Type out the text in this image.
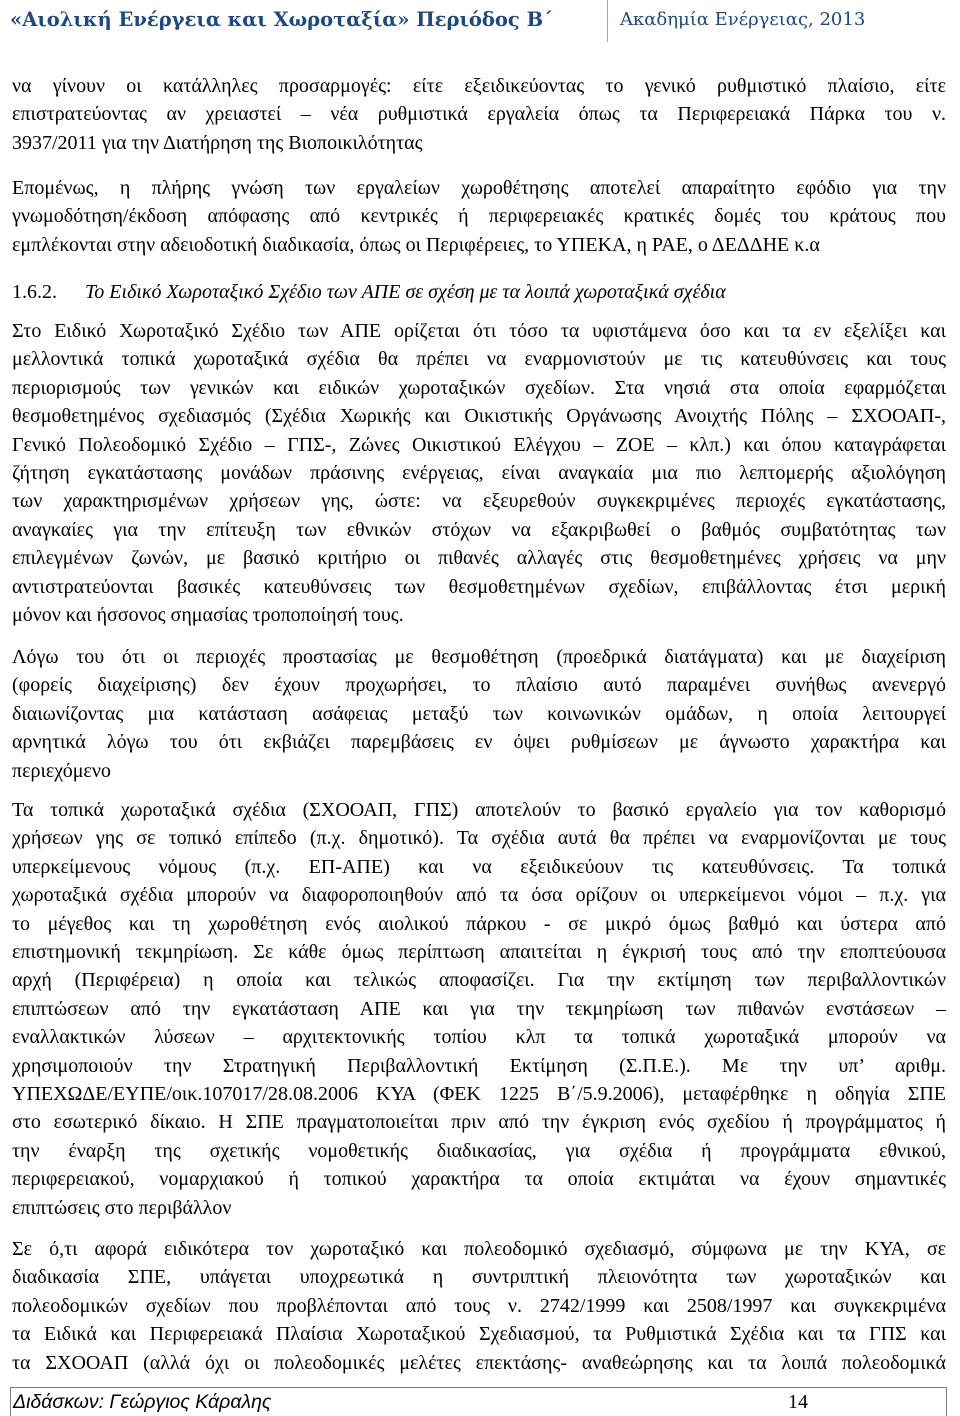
«Αιολική Ενέργεια και Χωροταξία» Περιόδος Β΄	Ακαδημία Ενέργειας, 2013
να γίνουν οι κατάλληλες προσαρμογές: είτε εξειδικεύοντας το γενικό ρυθμιστικό πλαίσιο, είτε
επιστρατεύοντας αν χρειαστεί – νέα ρυθμιστικά εργαλεία όπως τα Περιφερειακά Πάρκα του ν.
3937/2011 για την Διατήρηση της Βιοποικιλότητας
Επομένως, η πλήρης γνώση των εργαλείων χωροθέτησης αποτελεί απαραίτητο εφόδιο για την
γνωμοδότηση/έκδοση απόφασης από κεντρικές ή περιφερειακές κρατικές δομές του κράτους που
εμπλέκονται στην αδειοδοτική διαδικασία, όπως οι Περιφέρειες, το ΥΠΕΚΑ, η ΡΑΕ, ο ΔΕΔΔΗΕ κ.α
1.6.2. Το Ειδικό Χωροταξικό Σχέδιο των ΑΠΕ σε σχέση με τα λοιπά χωροταξικά σχέδια
Στο Ειδικό Χωροταξικό Σχέδιο των ΑΠΕ ορίζεται ότι τόσο τα υφιστάμενα όσο και τα εν εξελίξει και
μελλοντικά τοπικά χωροταξικά σχέδια θα πρέπει να εναρμονιστούν με τις κατευθύνσεις και τους
περιορισμούς των γενικών και ειδικών χωροταξικών σχεδίων. Στα νησιά στα οποία εφαρμόζεται
θεσμοθετημένος σχεδιασμός (Σχέδια Χωρικής και Οικιστικής Οργάνωσης Ανοιχτής Πόλης – ΣΧΟΟΑΠ-,
Γενικό Πολεοδομικό Σχέδιο – ΓΠΣ-, Ζώνες Οικιστικού Ελέγχου – ΖΟΕ – κλπ.) και όπου καταγράφεται
ζήτηση εγκατάστασης μονάδων πράσινης ενέργειας, είναι αναγκαία μια πιο λεπτομερής αξιολόγηση
των χαρακτηρισμένων χρήσεων γης, ώστε: να εξευρεθούν συγκεκριμένες περιοχές εγκατάστασης,
αναγκαίες για την επίτευξη των εθνικών στόχων να εξακριβωθεί ο βαθμός συμβατότητας των
επιλεγμένων ζωνών, με βασικό κριτήριο οι πιθανές αλλαγές στις θεσμοθετημένες χρήσεις να μην
αντιστρατεύονται βασικές κατευθύνσεις των θεσμοθετημένων σχεδίων, επιβάλλοντας έτσι μερική
μόνον και ήσσονος σημασίας τροποποίησή τους.
Λόγω του ότι οι περιοχές προστασίας με θεσμοθέτηση (προεδρικά διατάγματα) και με διαχείριση
(φορείς διαχείρισης) δεν έχουν προχωρήσει, το πλαίσιο αυτό παραμένει συνήθως ανενεργό
διαιωνίζοντας μια κατάσταση ασάφειας μεταξύ των κοινωνικών ομάδων, η οποία λειτουργεί
αρνητικά λόγω του ότι εκβιάζει παρεμβάσεις εν όψει ρυθμίσεων με άγνωστο χαρακτήρα και
περιεχόμενο
Τα τοπικά χωροταξικά σχέδια (ΣΧΟΟΑΠ, ΓΠΣ) αποτελούν το βασικό εργαλείο για τον καθορισμό
χρήσεων γης σε τοπικό επίπεδο (π.χ. δημοτικό). Τα σχέδια αυτά θα πρέπει να εναρμονίζονται με τους
υπερκείμενους νόμους (π.χ. ΕΠ-ΑΠΕ) και να εξειδικεύουν τις κατευθύνσεις. Τα τοπικά
χωροταξικά σχέδια μπορούν να διαφοροποιηθούν από τα όσα ορίζουν οι υπερκείμενοι νόμοι – π.χ. για
το μέγεθος και τη χωροθέτηση ενός αιολικού πάρκου - σε μικρό όμως βαθμό και ύστερα από
επιστημονική τεκμηρίωση. Σε κάθε όμως περίπτωση απαιτείται η έγκρισή τους από την εποπτεύουσα
αρχή (Περιφέρεια) η οποία και τελικώς αποφασίζει. Για την εκτίμηση των περιβαλλοντικών
επιπτώσεων από την εγκατάσταση ΑΠΕ και για την τεκμηρίωση των πιθανών ενστάσεων –
εναλλακτικών λύσεων – αρχιτεκτονικής τοπίου κλπ τα τοπικά χωροταξικά μπορούν να
χρησιμοποιούν την Στρατηγική Περιβαλλοντική Εκτίμηση (Σ.Π.Ε.). Με την υπ’ αριθμ.
ΥΠΕΧΩΔΕ/ΕΥΠΕ/οικ.107017/28.08.2006 ΚΥΑ (ΦΕΚ 1225 Β΄/5.9.2006), μεταφέρθηκε η οδηγία ΣΠΕ
στο εσωτερικό δίκαιο. Η ΣΠΕ πραγματοποιείται πριν από την έγκριση ενός σχεδίου ή προγράμματος ή
την έναρξη της σχετικής νομοθετικής διαδικασίας, για σχέδια ή προγράμματα εθνικού,
περιφερειακού, νομαρχιακού ή τοπικού χαρακτήρα τα οποία εκτιμάται να έχουν σημαντικές
επιπτώσεις στο περιβάλλον
Σε ό,τι αφορά ειδικότερα τον χωροταξικό και πολεοδομικό σχεδιασμό, σύμφωνα με την ΚΥΑ, σε
διαδικασία ΣΠΕ, υπάγεται υποχρεωτικά η συντριπτική πλειονότητα των χωροταξικών και
πολεοδομικών σχεδίων που προβλέπονται από τους ν. 2742/1999 και 2508/1997 και συγκεκριμένα
τα Ειδικά και Περιφερειακά Πλαίσια Χωροταξικού Σχεδιασμού, τα Ρυθμιστικά Σχέδια και τα ΓΠΣ και
τα ΣΧΟΟΑΠ (αλλά όχι οι πολεοδομικές μελέτες επεκτάσης- αναθεώρησης και τα λοιπά πολεοδομικά
Διδάσκων: Γεώργιος Κάραλης	14
